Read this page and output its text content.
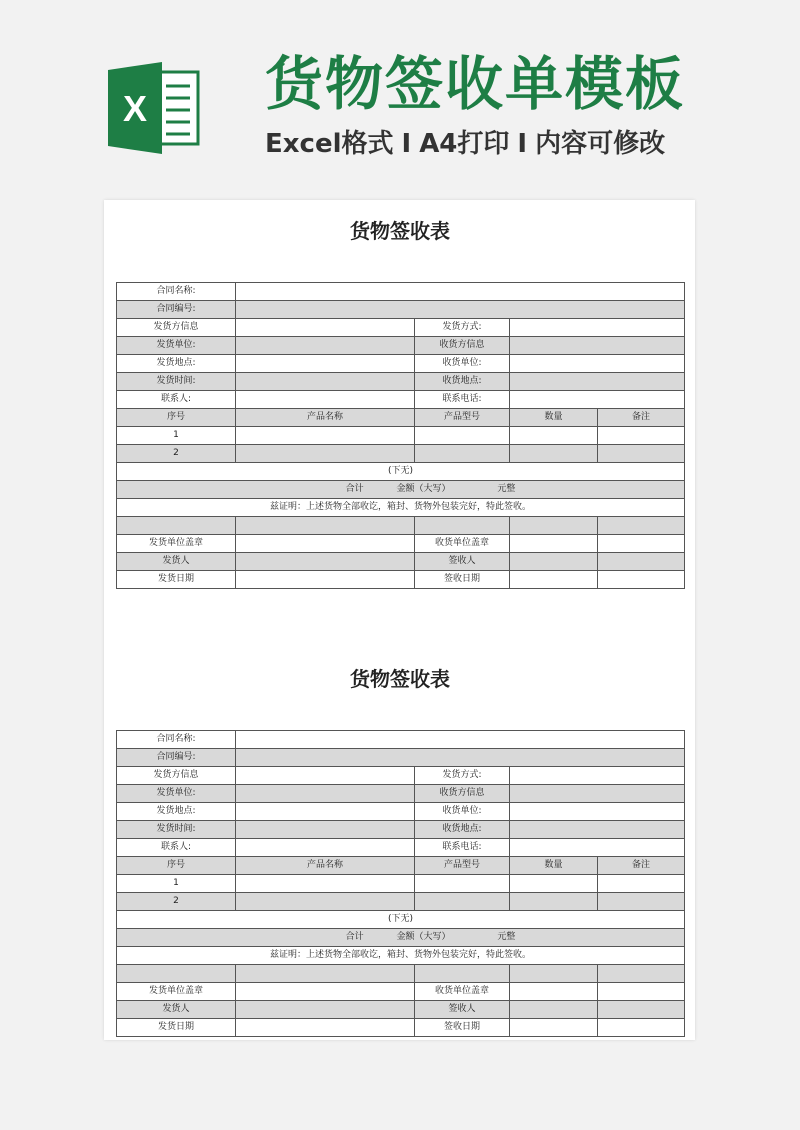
X 货物签收单模板
Excel格式 I A4打印 I 内容可修改
货物签收表
合同名称:				
合同编号:				
发货方信息		发货方式:		
发货单位:		收货方信息		
发货地点:		收货单位:		
发货时间:		收货地点:		
联系人:		联系电话:		
序号	产品名称	产品型号	数量	备注
1				
2				
(下无)				
合计 金额（大写） 元整				
兹证明：上述货物全部收讫，箱封、货物外包装完好，特此签收。				

发货单位盖章		收货单位盖章		
发货人		签收人		
发货日期		签收日期		
货物签收表
合同名称:				
合同编号:				
发货方信息		发货方式:		
发货单位:		收货方信息		
发货地点:		收货单位:		
发货时间:		收货地点:		
联系人:		联系电话:		
序号	产品名称	产品型号	数量	备注
1				
2				
(下无)				
合计 金额（大写） 元整				
兹证明：上述货物全部收讫，箱封、货物外包装完好，特此签收。				

发货单位盖章		收货单位盖章		
发货人		签收人		
发货日期		签收日期		
